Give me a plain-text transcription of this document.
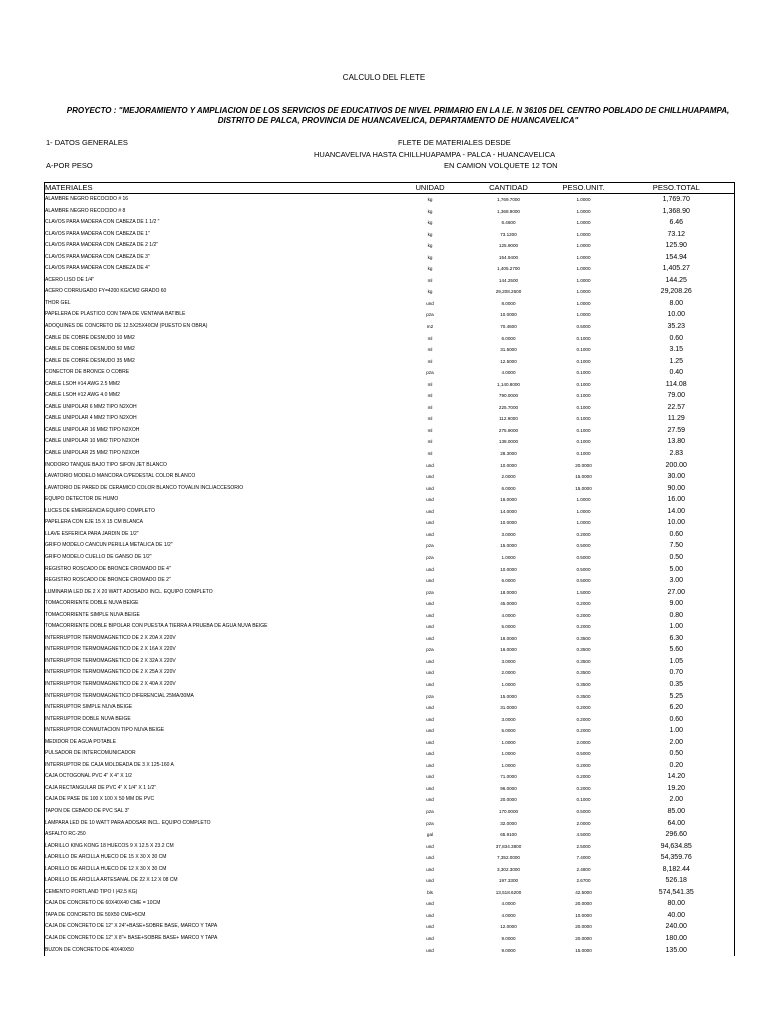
CALCULO DEL FLETE
PROYECTO : "MEJORAMIENTO Y AMPLIACION DE LOS SERVICIOS DE EDUCATIVOS DE NIVEL PRIMARIO EN LA I.E. N 36105 DEL CENTRO POBLADO DE CHILLHUAPAMPA, DISTRITO DE PALCA, PROVINCIA DE HUANCAVELICA, DEPARTAMENTO DE HUANCAVELICA"
1- DATOS GENERALES	FLETE DE MATERIALES DESDE
HUANCAVELIVA HASTA CHILLHUAPAMPA - PALCA - HUANCAVELICA
A-POR PESO	EN CAMION VOLQUETE 12 TON
MATERIALES	UNIDAD	CANTIDAD	PESO.UNIT.	PESO.TOTAL
ALAMBRE NEGRO RECOCIDO # 16	kg	1,769.7000	1.0000	1,769.70
ALAMBRE NEGRO RECOCIDO # 8	kg	1,368.9000	1.0000	1,368.90
CLAVOS PARA MADERA CON CABEZA DE 1 1/2 "	kg	6.4600	1.0000	6.46
CLAVOS PARA MADERA CON CABEZA DE 1"	kg	73.1200	1.0000	73.12
CLAVOS PARA MADERA CON CABEZA DE 2 1/2"	kg	125.9000	1.0000	125.90
CLAVOS PARA MADERA CON CABEZA DE 3"	kg	154.9400	1.0000	154.94
CLAVOS PARA MADERA CON CABEZA DE 4"	kg	1,405.2700	1.0000	1,405.27
ACERO LISO DE 1/4"	ml	144.2500	1.0000	144.25
ACERO CORRUGADO FY=4200 KG/CM2 GRADO 60	kg	29,208.2600	1.0000	29,208.26
THOR GEL	und	8.0000	1.0000	8.00
PAPELERA DE PLASTICO CON TAPA DE VENTANA BATIBLE	pza	10.0000	1.0000	10.00
ADOQUINES DE CONCRETO DE 12.5X25X40CM (PUESTO EN OBRA)	m2	70.4600	0.5000	35.23
CABLE DE COBRE DESNUDO 10 MM2	ml	6.0000	0.1000	0.60
CABLE DE COBRE DESNUDO 50 MM2	ml	31.5000	0.1000	3.15
CABLE DE COBRE DESNUDO 35 MM2	ml	12.5000	0.1000	1.25
CONECTOR DE BRONCE O COBRE	pza	4.0000	0.1000	0.40
CABLE LSOH #14 AWG 2.5 MM2	ml	1,140.8000	0.1000	114.08
CABLE LSOH #12 AWG 4.0 MM2	ml	790.0000	0.1000	79.00
CABLE UNIPOLAR 6 MM2 TIPO N2XOH	ml	225.7000	0.1000	22.57
CABLE UNIPOLAR 4 MM2 TIPO N2XOH	ml	112.9000	0.1000	11.29
CABLE UNIPOLAR 16 MM2 TIPO N2XOH	ml	275.9000	0.1000	27.59
CABLE UNIPOLAR 10 MM2 TIPO N2XOH	ml	138.0000	0.1000	13.80
CABLE UNIPOLAR 25 MM2 TIPO N2XOH	ml	28.3000	0.1000	2.83
INODORO TANQUE BAJO TIPO SIFON JET BLANCO	und	10.0000	20.0000	200.00
LAVATORIO MODELO MANCORA C/PEDESTAL COLOR BLANCO	und	2.0000	15.0000	30.00
LAVATORIO DE PARED DE CERAMICO COLOR BLANCO TOVALIN INCL/ACCESORIO	und	6.0000	15.0000	90.00
EQUIPO DETECTOR DE HUMO	und	16.0000	1.0000	16.00
LUCES DE EMERGENCIA EQUIPO COMPLETO	und	14.0000	1.0000	14.00
PAPELERA CON EJE 15 X 15 CM BLANCA	und	10.0000	1.0000	10.00
LLAVE ESFERICA PARA JARDIN DE 1/2"	und	3.0000	0.2000	0.60
GRIFO MODELO CANCUN PERILLA METALICA DE 1/2"	pza	15.0000	0.5000	7.50
GRIFO MODELO CUELLO DE GANSO DE 1/2"	pza	1.0000	0.5000	0.50
REGISTRO ROSCADO DE BRONCE CROMADO DE 4"	und	10.0000	0.5000	5.00
REGISTRO ROSCADO DE BRONCE CROMADO DE 2"	und	6.0000	0.5000	3.00
LUMINARIA LED DE 2 X 20 WATT ADOSADO INCL. EQUIPO COMPLETO	pza	18.0000	1.5000	27.00
TOMACORRIENTE DOBLE NUVA BEIGE	und	45.0000	0.2000	9.00
TOMACORRIENTE SIMPLE NUVA BEIGE	und	4.0000	0.2000	0.80
TOMACORRIENTE DOBLE BIPOLAR CON PUESTA A TIERRA A PRUEBA DE AGUA NUVA BEIGE	und	5.0000	0.2000	1.00
INTERRUPTOR TERMOMAGNETICO DE 2 X 20A X 220V	und	18.0000	0.3500	6.30
INTERRUPTOR TERMOMAGNETICO DE 2 X 16A X 220V	pza	16.0000	0.3500	5.60
INTERRUPTOR TERMOMAGNETICO DE 2 X 32A X 220V	und	3.0000	0.3500	1.05
INTERRUPTOR TERMOMAGNETICO DE 2 X 25A X 220V	und	2.0000	0.3500	0.70
INTERRUPTOR TERMOMAGNETICO DE 2 X 40A X 220V	und	1.0000	0.3500	0.35
INTERRUPTOR TERMOMAGNETICO DIFERENCIAL 25MA/30MA	pza	15.0000	0.3500	5.25
INTERRUPTOR SIMPLE NUVA BEIGE	und	31.0000	0.2000	6.20
INTERRUPTOR DOBLE NUVA BEIGE	und	3.0000	0.2000	0.60
INTERRUPTOR CONMUTACION TIPO NUVA BEIGE	und	5.0000	0.2000	1.00
MEDIDOR DE AGUA POTABLE	und	1.0000	2.0000	2.00
PULSADOR DE INTERCOMUNICADOR	und	1.0000	0.5000	0.50
INTERRUPTOR DE CAJA MOLDEADA DE 3 X 125-160 A	und	1.0000	0.2000	0.20
CAJA OCTOGONAL PVC 4" X 4" X 1/2	und	71.0000	0.2000	14.20
CAJA RECTANGULAR DE PVC 4" X 1/4" X 1 1/2"	und	96.0000	0.2000	19.20
CAJA DE PASE DE 100 X 100 X 50 MM DE PVC	und	20.0000	0.1000	2.00
TAPON DE CEBADO DE PVC SAL 3"	pza	170.0000	0.5000	85.00
LAMPARA LED DE 10 WATT PARA ADOSAR INCL. EQUIPO COMPLETO	pza	32.0000	2.0000	64.00
ASFALTO RC-250	gal	65.9100	4.5000	296.60
LADRILLO KING KONG 18 HUECOS 9 X 12.5 X 23.2 CM	und	37,834.3800	2.5000	94,634.85
LADRILLO DE ARCILLA HUECO DE 15 X 30 X 30 CM	und	7,352.0000	7.4000	54,359.76
LADRILLO DE ARCILLA HUECO DE 12 X 30 X 30 CM	und	3,302.3000	2.4800	8,182.44
LADRILLO DE ARCILLA ARTESANAL DE 22 X 12 X 08 CM	und	197.3300	2.6700	526.18
CEMENTO PORTLAND TIPO I (42.5 KG)	bls	13,518.6200	42.5000	574,541.35
CAJA DE CONCRETO DE 60X40X40 CME = 10CM	und	4.0000	20.0000	80.00
TAPA DE CONCRETO DE 50X50 CME=5CM	und	4.0000	10.0000	40.00
CAJA DE CONCRETO DE 12" X 24"+BASE+SOBRE BASE, MARCO Y TAPA	und	12.0000	20.0000	240.00
CAJA DE CONCRETO DE 12" X 8"+ BASE+SOBRE BASE+ MARCO Y TAPA	und	9.0000	20.0000	180.00
BUZON DE CONCRETO DE 40X40X50	und	9.0000	15.0000	135.00
